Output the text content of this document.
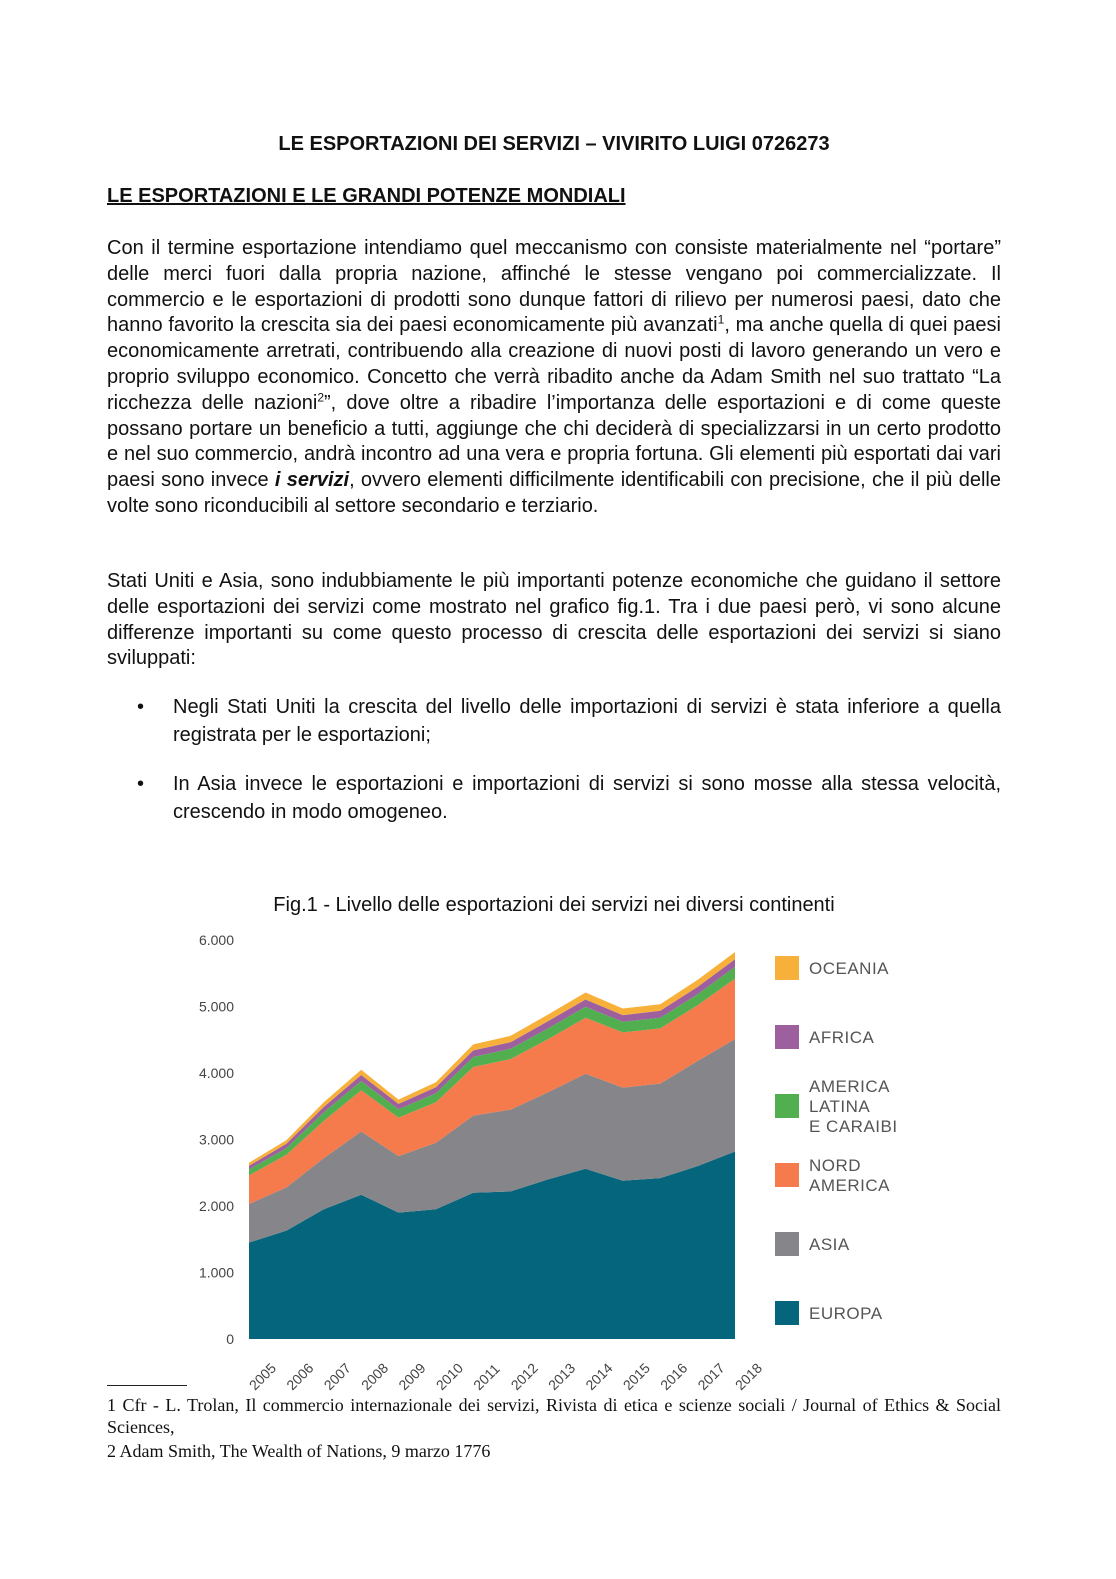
LE ESPORTAZIONI DEI SERVIZI – VIVIRITO LUIGI 0726273
LE ESPORTAZIONI E LE GRANDI POTENZE MONDIALI

Con il termine esportazione intendiamo quel meccanismo con consiste materialmente nel “portare” delle merci fuori dalla propria nazione, affinché le stesse vengano poi commercializzate. Il commercio e le esportazioni di prodotti sono dunque fattori di rilievo per numerosi paesi, dato che hanno favorito la crescita sia dei paesi economicamente più avanzati$^1$, ma anche quella di quei paesi economicamente arretrati, contribuendo alla creazione di nuovi posti di lavoro generando un vero e proprio sviluppo economico. Concetto che verrà ribadito anche da Adam Smith nel suo trattato “La ricchezza delle nazioni$^2$”, dove oltre a ribadire l’importanza delle esportazioni e di come queste possano portare un beneficio a tutti, aggiunge che chi deciderà di specializzarsi in un certo prodotto e nel suo commercio, andrà incontro ad una vera e propria fortuna. Gli elementi più esportati dai vari paesi sono invece i servizi, ovvero elementi difficilmente identificabili con precisione, che il più delle volte sono riconducibili al settore secondario e terziario.

Stati Uniti e Asia, sono indubbiamente le più importanti potenze economiche che guidano il settore delle esportazioni dei servizi come mostrato nel grafico fig.1. Tra i due paesi però, vi sono alcune differenze importanti su come questo processo di crescita delle esportazioni dei servizi si siano sviluppati:

• Negli Stati Uniti la crescita del livello delle importazioni di servizi è stata inferiore a quella registrata per le esportazioni;
• In Asia invece le esportazioni e importazioni di servizi si sono mosse alla stessa velocità, crescendo in modo omogeneo.
Fig.1 - Livello delle esportazioni dei servizi nei diversi continenti
0
1.000
2.000
3.000
4.000
5.000
6.000
2005 2006 2007 2008 2009 2010 2011 2012 2013 2014 2015 2016 2017 2018
OCEANIA
AFRICA
AMERICA
LATINA
E CARAIBI
NORD
AMERICA
ASIA
EUROPA

1 Cfr - L. Trolan, Il commercio internazionale dei servizi, Rivista di etica e scienze sociali / Journal of Ethics & Social Sciences,

2 Adam Smith, The Wealth of Nations, 9 marzo 1776
